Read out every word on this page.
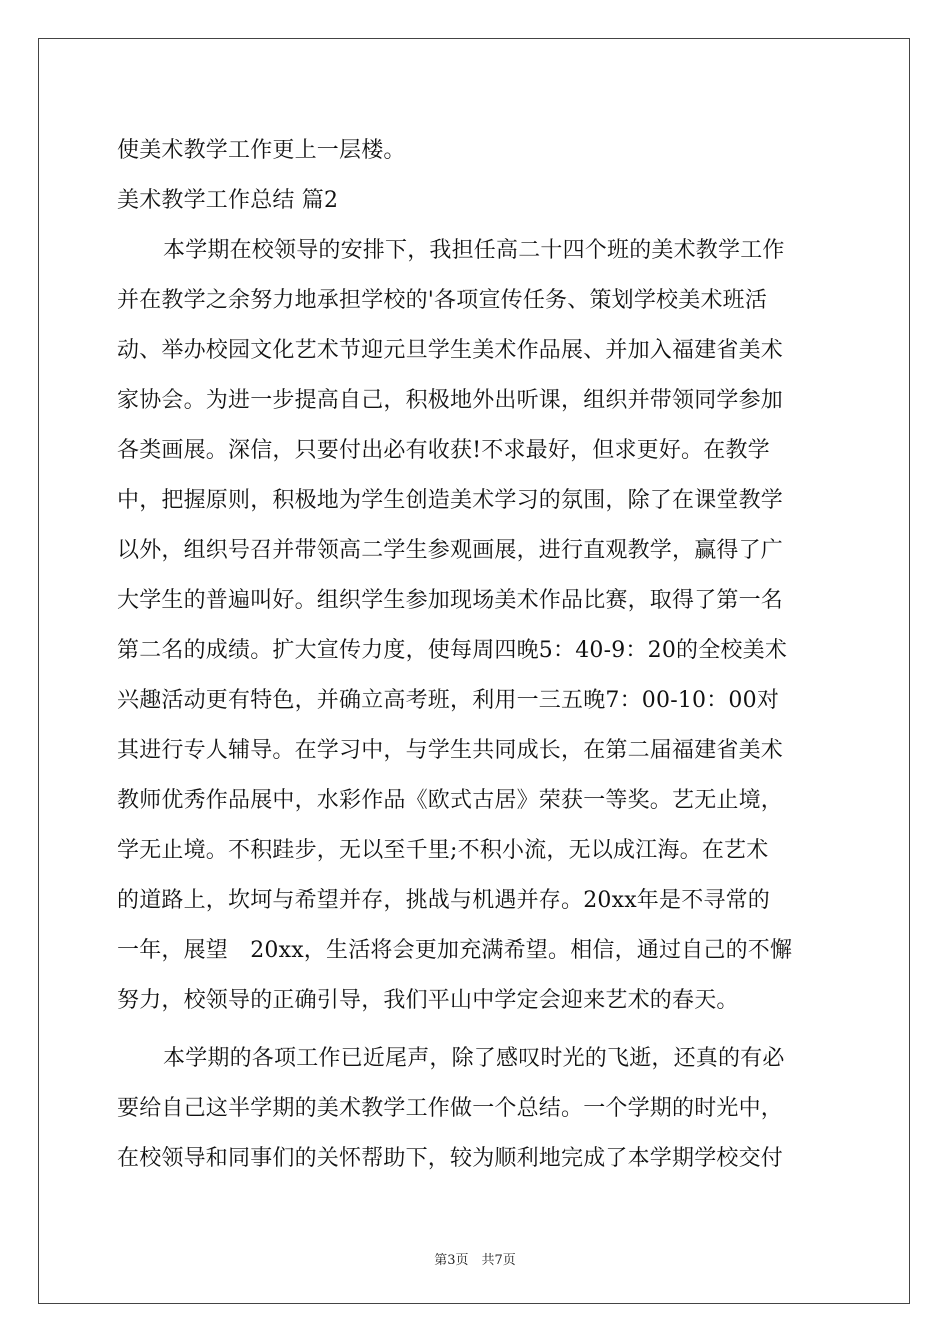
使美术教学工作更上一层楼。
美术教学工作总结 篇2
本学期在校领导的安排下，我担任高二十四个班的美术教学工作
并在教学之余努力地承担学校的'各项宣传任务、策划学校美术班活
动、举办校园文化艺术节迎元旦学生美术作品展、并加入福建省美术
家协会。为进一步提高自己，积极地外出听课，组织并带领同学参加
各类画展。深信，只要付出必有收获!不求最好，但求更好。在教学
中，把握原则，积极地为学生创造美术学习的氛围，除了在课堂教学
以外，组织号召并带领高二学生参观画展，进行直观教学，赢得了广
大学生的普遍叫好。组织学生参加现场美术作品比赛，取得了第一名
第二名的成绩。扩大宣传力度，使每周四晚5：40-9：20的全校美术
兴趣活动更有特色，并确立高考班，利用一三五晚7：00-10：00对
其进行专人辅导。在学习中，与学生共同成长，在第二届福建省美术
教师优秀作品展中，水彩作品《欧式古居》荣获一等奖。艺无止境，
学无止境。不积跬步，无以至千里;不积小流，无以成江海。在艺术
的道路上，坎坷与希望并存，挑战与机遇并存。20xx年是不寻常的
一年，展望　20xx，生活将会更加充满希望。相信，通过自己的不懈
努力，校领导的正确引导，我们平山中学定会迎来艺术的春天。
本学期的各项工作已近尾声，除了感叹时光的飞逝，还真的有必
要给自己这半学期的美术教学工作做一个总结。一个学期的时光中，
在校领导和同事们的关怀帮助下，较为顺利地完成了本学期学校交付
第3页　共7页
